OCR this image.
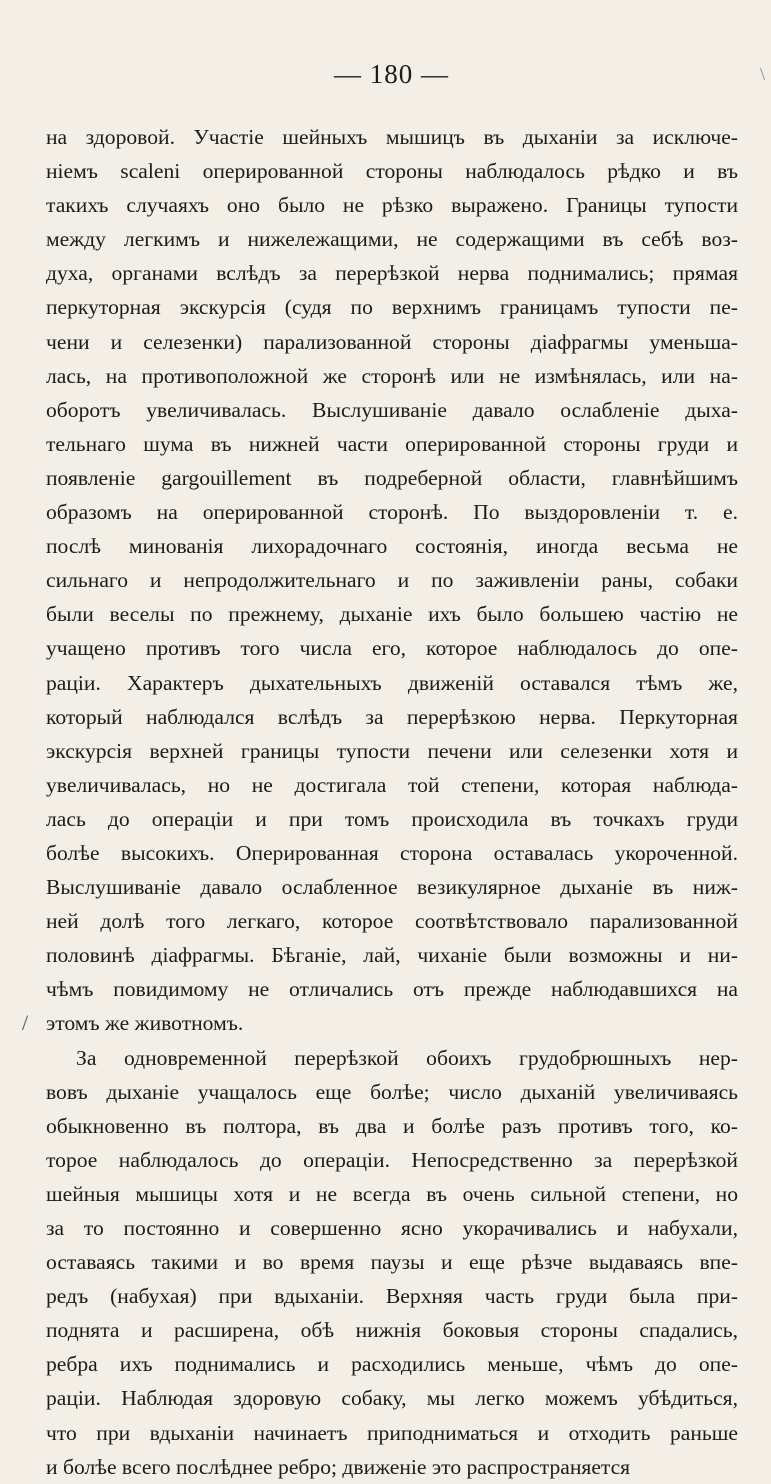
\
— 180 —
на здоровой. Участiе шейныхъ мышицъ въ дыханiи за исключе-
нiемъ scaleni оперированной стороны наблюдалось рѣдко и въ
такихъ случаяхъ оно было не рѣзко выражено. Границы тупости
между легкимъ и нижележащими, не содержащими въ себѣ воз-
духа, органами вслѣдъ за перерѣзкой нерва поднимались; прямая
перкуторная экскурсiя (судя по верхнимъ границамъ тупости пе-
чени и селезенки) парализованной стороны дiафрагмы уменьша-
лась, на противоположной же сторонѣ или не измѣнялась, или на-
оборотъ увеличивалась. Выслушиванiе давало ослабленiе дыха-
тельнаго шума въ нижней части оперированной стороны груди и
появленiе gargouillement въ подреберной области, главнѣйшимъ
образомъ на оперированной сторонѣ. По выздоровленiи т. е.
послѣ минованiя лихорадочнаго состоянiя, иногда весьма не
сильнаго и непродолжительнаго и по заживленiи раны, собаки
были веселы по прежнему, дыханiе ихъ было большею частiю не
учащено противъ того числа его, которое наблюдалось до опе-
рацiи. Характеръ дыхательныхъ движенiй оставался тѣмъ же,
который наблюдался вслѣдъ за перерѣзкою нерва. Перкуторная
экскурсiя верхней границы тупости печени или селезенки хотя и
увеличивалась, но не достигала той степени, которая наблюда-
лась до операцiи и при томъ происходила въ точкахъ груди
болѣе высокихъ. Оперированная сторона оставалась укороченной.
Выслушиванiе давало ослабленное везикулярное дыханiе въ ниж-
ней долѣ того легкаго, которое соотвѣтствовало парализованной
половинѣ дiафрагмы. Бѣганiе, лай, чиханiе были возможны и ни-
чѣмъ повидимому не отличались отъ прежде наблюдавшихся на
этомъ же животномъ.
За одновременной перерѣзкой обоихъ грудобрюшныхъ нер-
вовъ дыханiе учащалось еще болѣе; число дыханiй увеличиваясь
обыкновенно въ полтора, въ два и болѣе разъ противъ того, ко-
торое наблюдалось до операцiи. Непосредственно за перерѣзкой
шейныя мышицы хотя и не всегда въ очень сильной степени, но
за то постоянно и совершенно ясно укорачивались и набухали,
оставаясь такими и во время паузы и еще рѣзче выдаваясь впе-
редъ (набухая) при вдыханiи. Верхняя часть груди была при-
поднята и расширена, обѣ нижнiя боковыя стороны спадались,
ребра ихъ поднимались и расходились меньше, чѣмъ до опе-
рацiи. Наблюдая здоровую собаку, мы легко можемъ убѣдиться,
что при вдыханiи начинаетъ приподниматься и отходить раньше
и болѣе всего послѣднее ребро; движенiе это распространяется
/
